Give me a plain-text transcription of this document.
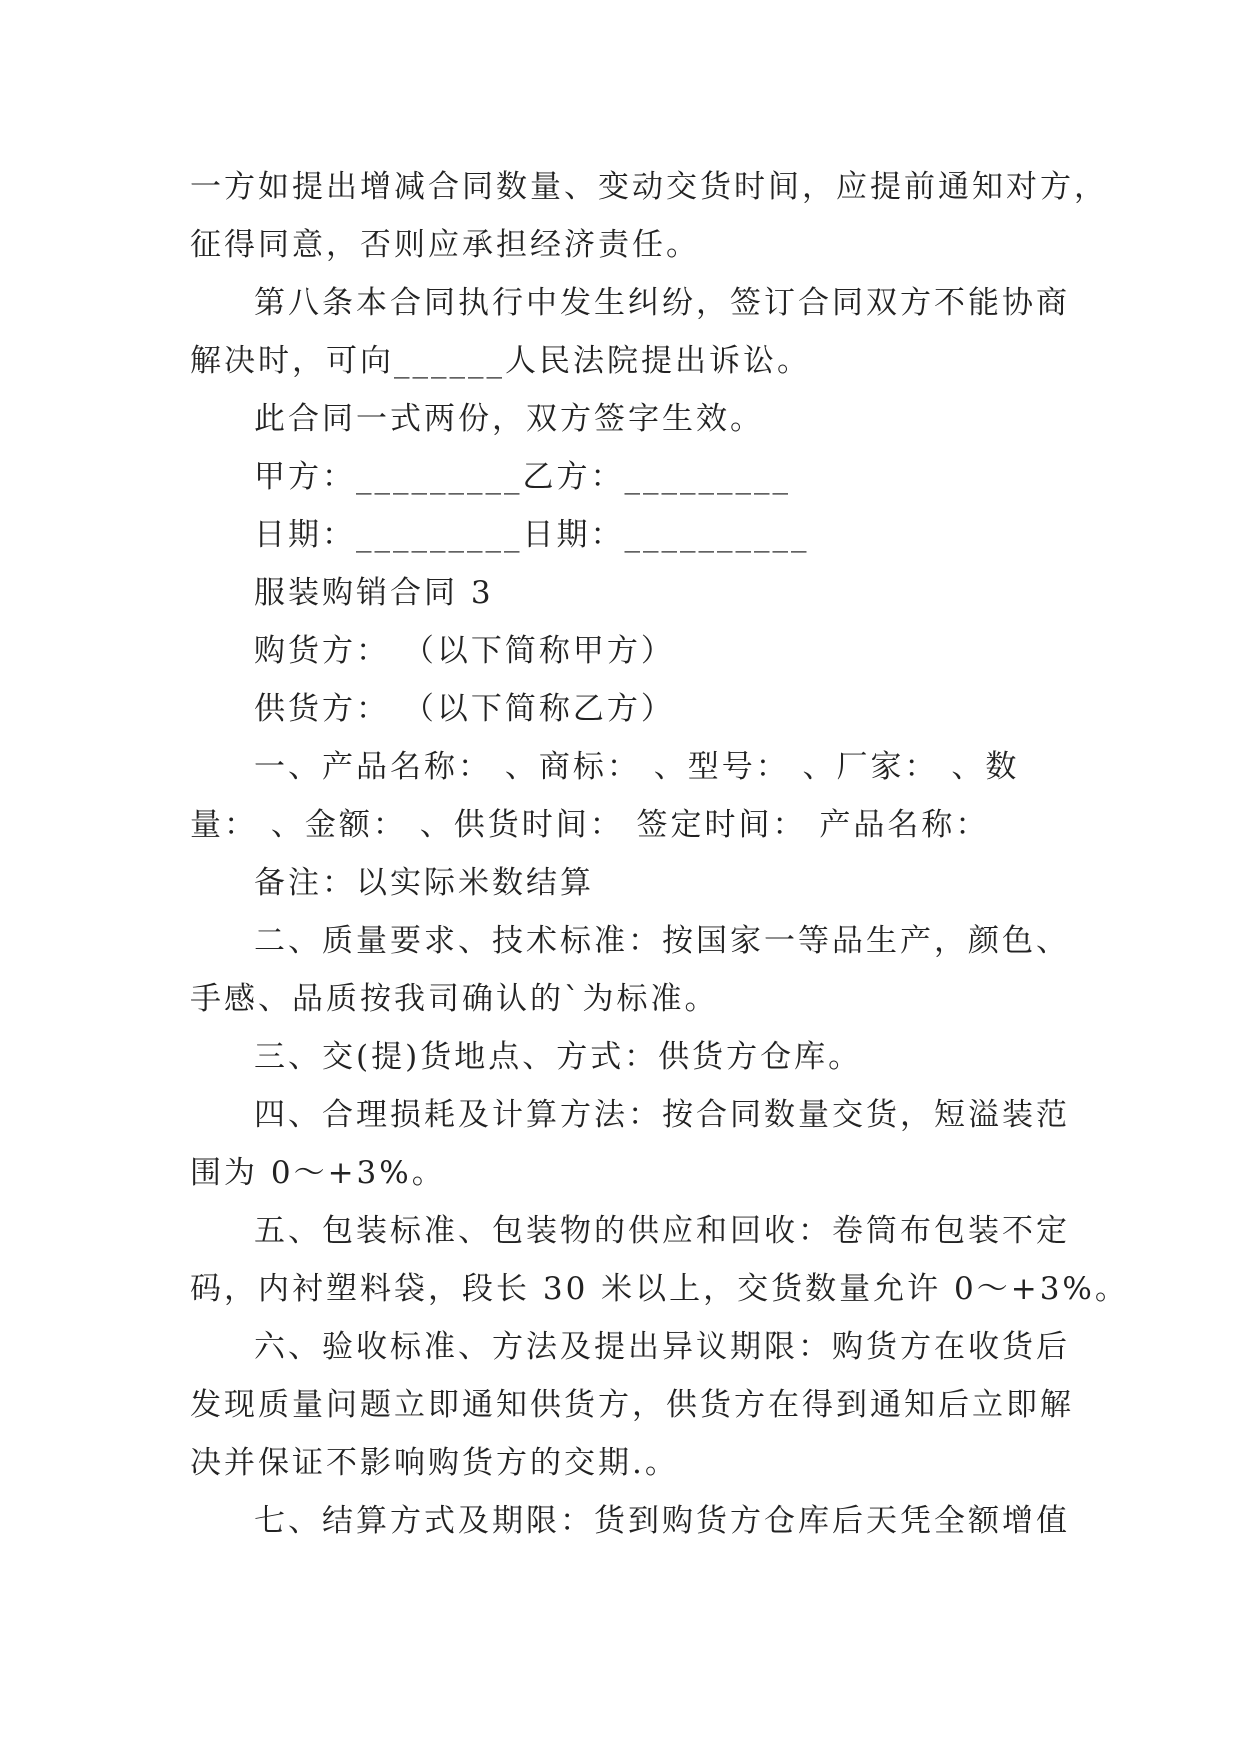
一方如提出增减合同数量、变动交货时间，应提前通知对方，
征得同意，否则应承担经济责任。
第八条本合同执行中发生纠纷，签订合同双方不能协商
解决时，可向______人民法院提出诉讼。
此合同一式两份，双方签字生效。
甲方：_________乙方：_________
日期：_________日期：__________
服装购销合同 3
购货方： （以下简称甲方）
供货方： （以下简称乙方）
一、产品名称： 、商标： 、型号： 、厂家： 、数
量： 、金额： 、供货时间： 签定时间： 产品名称：
备注：以实际米数结算
二、质量要求、技术标准：按国家一等品生产，颜色、
手感、品质按我司确认的`为标准。
三、交(提)货地点、方式：供货方仓库。
四、合理损耗及计算方法：按合同数量交货，短溢装范
围为 0～+3%。
五、包装标准、包装物的供应和回收：卷筒布包装不定
码，内衬塑料袋，段长 30 米以上，交货数量允许 0～+3%。
六、验收标准、方法及提出异议期限：购货方在收货后
发现质量问题立即通知供货方，供货方在得到通知后立即解
决并保证不影响购货方的交期.。
七、结算方式及期限：货到购货方仓库后天凭全额增值
